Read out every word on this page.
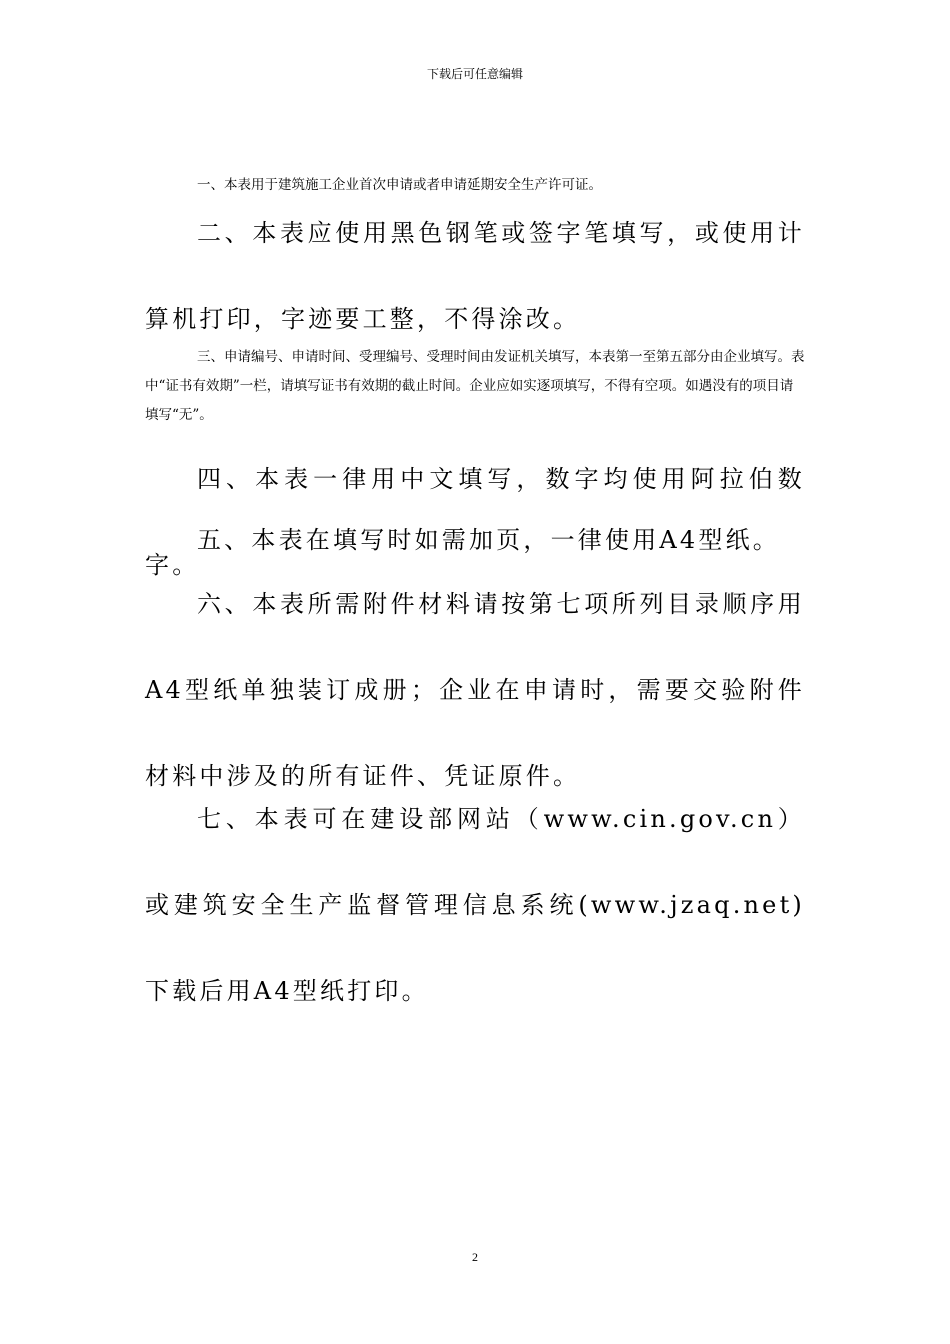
下载后可任意编辑

一、本表用于建筑施工企业首次申请或者申请延期安全生产许可证。

二、本表应使用黑色钢笔或签字笔填写，或使用计算机打印，字迹要工整，不得涂改。

三、申请编号、申请时间、受理编号、受理时间由发证机关填写，本表第一至第五部分由企业填写。表中“证书有效期”一栏，请填写证书有效期的截止时间。企业应如实逐项填写，不得有空项。如遇没有的项目请填写“无”。

四、本表一律用中文填写，数字均使用阿拉伯数字。

五、本表在填写时如需加页，一律使用A4型纸。

六、本表所需附件材料请按第七项所列目录顺序用A4型纸单独装订成册；企业在申请时，需要交验附件材料中涉及的所有证件、凭证原件。

七、本表可在建设部网站（www.cin.gov.cn）或建筑安全生产监督管理信息系统(www.jzaq.net)下载后用A4型纸打印。

2
